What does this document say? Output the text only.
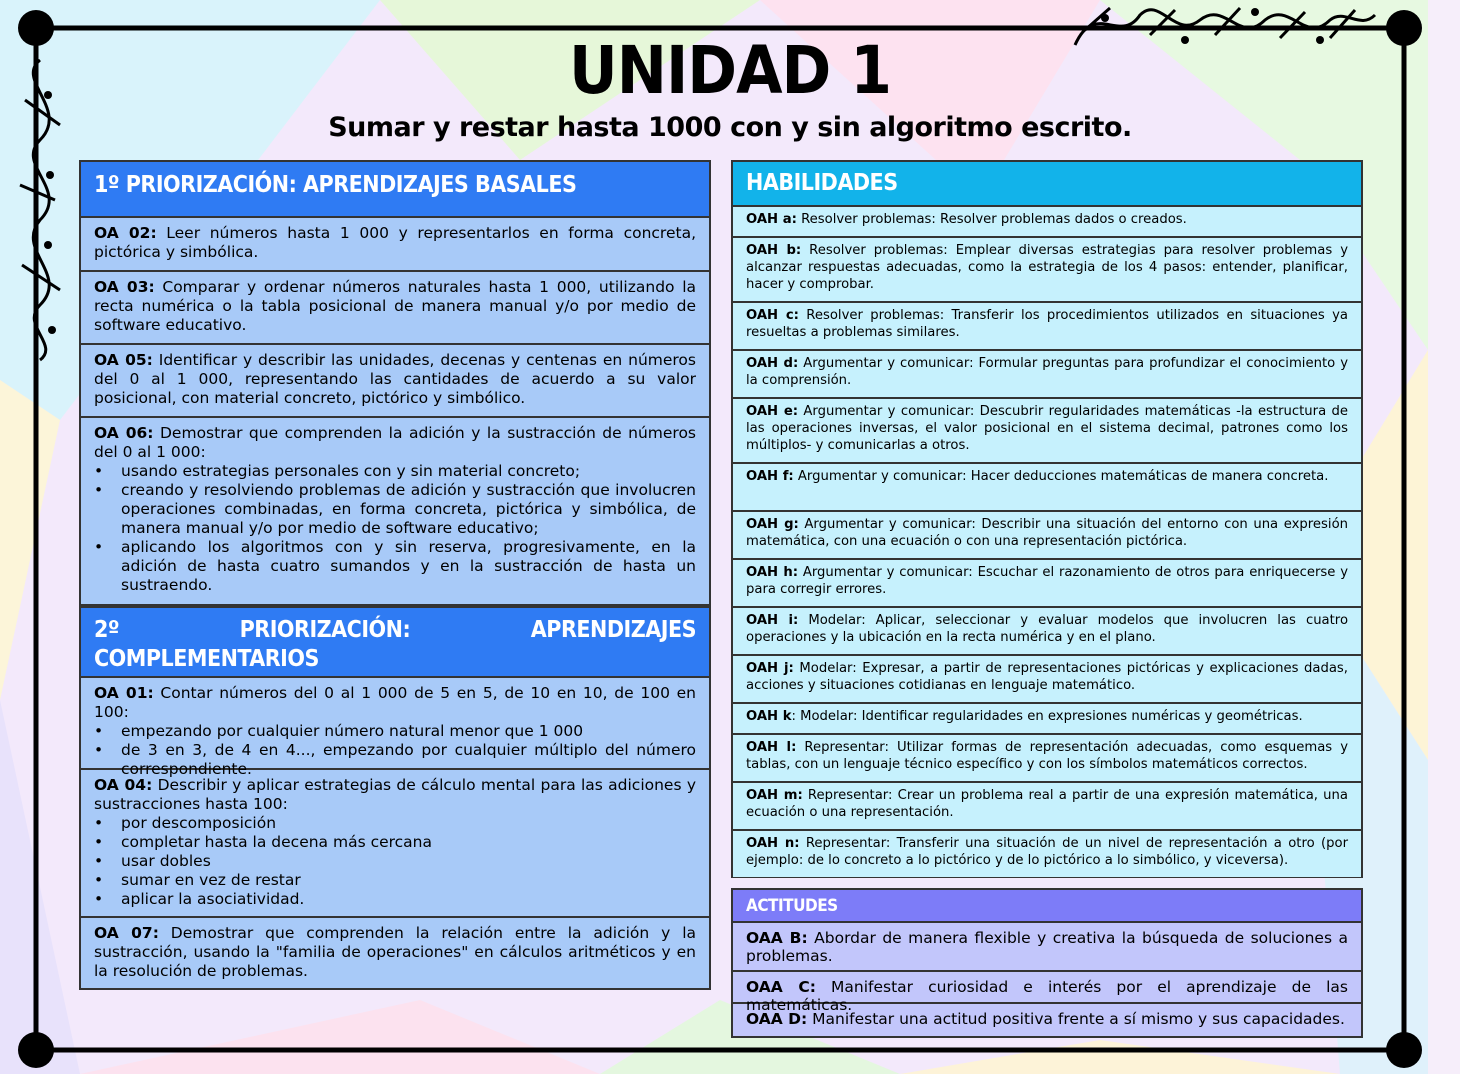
UNIDAD 1
Sumar y restar hasta 1000 con y sin algoritmo escrito.
1º PRIORIZACIÓN: APRENDIZAJES BASALES
OA 02: Leer números hasta 1 000 y representarlos en forma concreta, pictórica y simbólica.
OA 03: Comparar y ordenar números naturales hasta 1 000, utilizando la recta numérica o la tabla posicional de manera manual y/o por medio de software educativo.
OA 05: Identificar y describir las unidades, decenas y centenas en números del 0 al 1 000, representando las cantidades de acuerdo a su valor posicional, con material concreto, pictórico y simbólico.
OA 06: Demostrar que comprenden la adición y la sustracción de números del 0 al 1 000:
• usando estrategias personales con y sin material concreto;
• creando y resolviendo problemas de adición y sustracción que involucren operaciones combinadas, en forma concreta, pictórica y simbólica, de manera manual y/o por medio de software educativo;
• aplicando los algoritmos con y sin reserva, progresivamente, en la adición de hasta cuatro sumandos y en la sustracción de hasta un sustraendo.
2º	PRIORIZACIÓN:	APRENDIZAJES
COMPLEMENTARIOS
OA 01: Contar números del 0 al 1 000 de 5 en 5, de 10 en 10, de 100 en 100:
• empezando por cualquier número natural menor que 1 000
• de 3 en 3, de 4 en 4..., empezando por cualquier múltiplo del número correspondiente.
OA 04: Describir y aplicar estrategias de cálculo mental para las adiciones y sustracciones hasta 100:
• por descomposición
• completar hasta la decena más cercana
• usar dobles
• sumar en vez de restar
• aplicar la asociatividad.
OA 07: Demostrar que comprenden la relación entre la adición y la sustracción, usando la "familia de operaciones" en cálculos aritméticos y en la resolución de problemas.
HABILIDADES
OAH a: Resolver problemas: Resolver problemas dados o creados.
OAH b: Resolver problemas: Emplear diversas estrategias para resolver problemas y alcanzar respuestas adecuadas, como la estrategia de los 4 pasos: entender, planificar, hacer y comprobar.
OAH c: Resolver problemas: Transferir los procedimientos utilizados en situaciones ya resueltas a problemas similares.
OAH d: Argumentar y comunicar: Formular preguntas para profundizar el conocimiento y la comprensión.
OAH e: Argumentar y comunicar: Descubrir regularidades matemáticas -la estructura de las operaciones inversas, el valor posicional en el sistema decimal, patrones como los múltiplos- y comunicarlas a otros.
OAH f: Argumentar y comunicar: Hacer deducciones matemáticas de manera concreta.
OAH g: Argumentar y comunicar: Describir una situación del entorno con una expresión matemática, con una ecuación o con una representación pictórica.
OAH h: Argumentar y comunicar: Escuchar el razonamiento de otros para enriquecerse y para corregir errores.
OAH i: Modelar: Aplicar, seleccionar y evaluar modelos que involucren las cuatro operaciones y la ubicación en la recta numérica y en el plano.
OAH j: Modelar: Expresar, a partir de representaciones pictóricas y explicaciones dadas, acciones y situaciones cotidianas en lenguaje matemático.
OAH k: Modelar: Identificar regularidades en expresiones numéricas y geométricas.
OAH l: Representar: Utilizar formas de representación adecuadas, como esquemas y tablas, con un lenguaje técnico específico y con los símbolos matemáticos correctos.
OAH m: Representar: Crear un problema real a partir de una expresión matemática, una ecuación o una representación.
OAH n: Representar: Transferir una situación de un nivel de representación a otro (por ejemplo: de lo concreto a lo pictórico y de lo pictórico a lo simbólico, y viceversa).
ACTITUDES
OAA B: Abordar de manera flexible y creativa la búsqueda de soluciones a problemas.
OAA C: Manifestar curiosidad e interés por el aprendizaje de las matemáticas.
OAA D: Manifestar una actitud positiva frente a sí mismo y sus capacidades.
